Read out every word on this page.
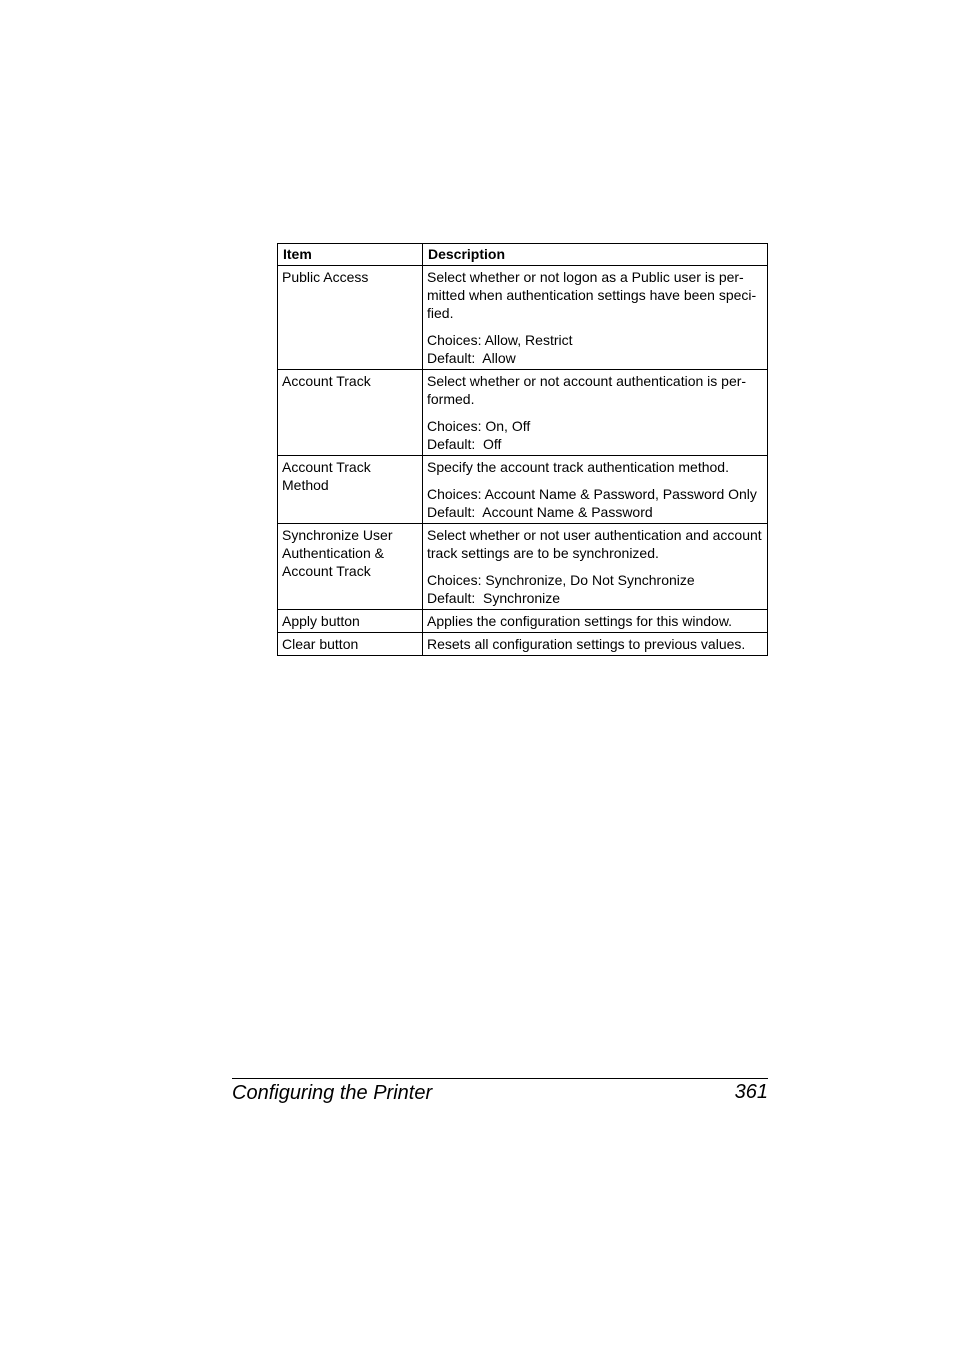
Item	Description
Public Access	Select whether or not logon as a Public user is per-mitted when authentication settings have been speci-fied.

Choices: Allow, Restrict
Default:  Allow

Account Track	Select whether or not account authentication is per-formed.

Choices: On, Off
Default:  Off

Account Track Method	Specify the account track authentication method.

Choices: Account Name & Password, Password Only
Default:  Account Name & Password

Synchronize User Authentication & Account Track	Select whether or not user authentication and account track settings are to be synchronized.

Choices: Synchronize, Do Not Synchronize
Default:  Synchronize

Apply button	Applies the configuration settings for this window.

Clear button	Resets all configuration settings to previous values.

Configuring the Printer	361
